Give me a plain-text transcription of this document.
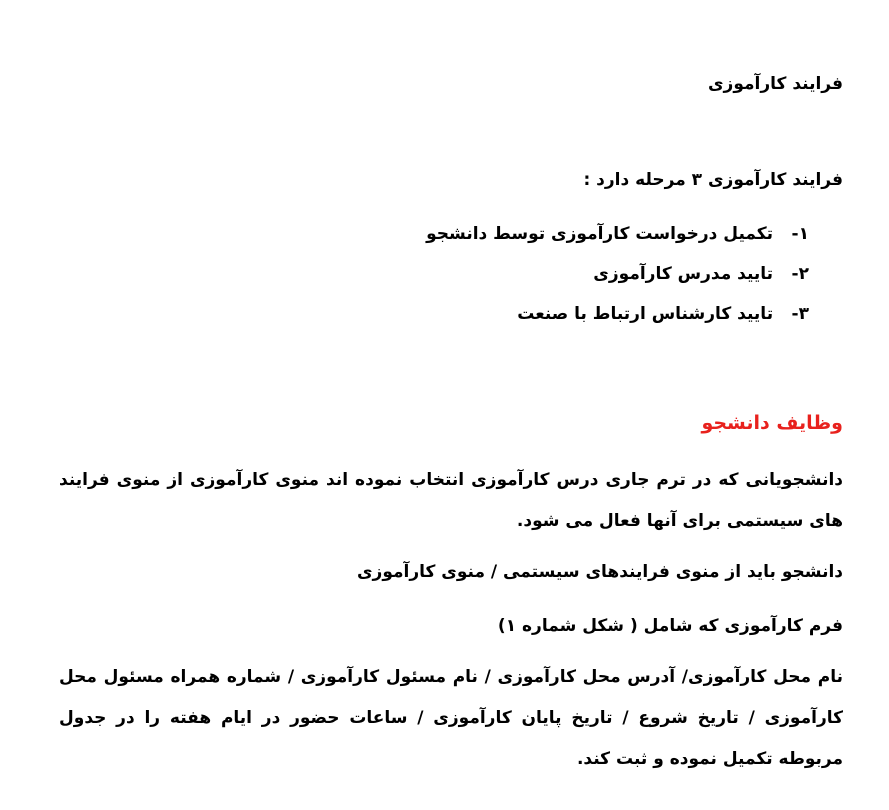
فرایند کارآموزی
فرایند کارآموزی ۳ مرحله دارد :
۱- تکمیل درخواست کارآموزی توسط دانشجو
۲- تایید مدرس کارآموزی
۳- تایید کارشناس ارتباط با صنعت
وظایف دانشجو
دانشجویانی که در ترم جاری درس کارآموزی انتخاب نموده اند منوی کارآموزی از منوی فرایند های سیستمی برای آنها فعال می شود.
دانشجو باید از منوی فرایندهای سیستمی / منوی کارآموزی
فرم کارآموزی که شامل ( شکل شماره ۱)
نام محل کارآموزی/ آدرس محل کارآموزی / نام مسئول کارآموزی / شماره همراه مسئول محل کارآموزی / تاریخ شروع / تاریخ پایان کارآموزی / ساعات حضور در ایام هفته را در جدول مربوطه تکمیل نموده و ثبت کند.
